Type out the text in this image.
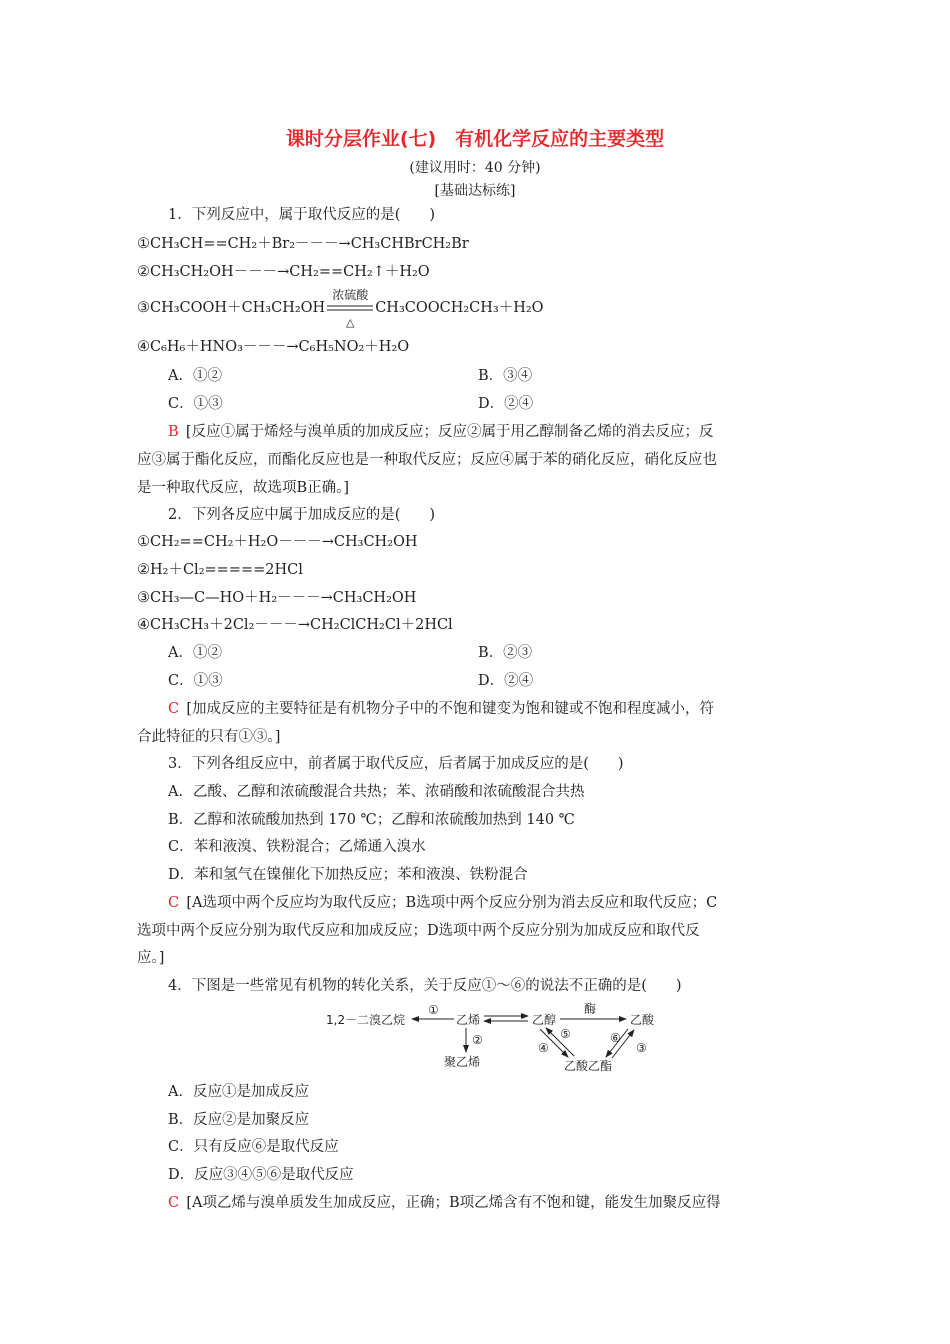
课时分层作业(七)　有机化学反应的主要类型
(建议用时：40 分钟)
[基础达标练]
1．下列反应中，属于取代反应的是(　　)
①CH₃CH==CH₂＋Br₂－－－→CH₃CHBrCH₂Br
②CH₃CH₂OH－－－→CH₂==CH₂↑＋H₂O
③CH₃COOH＋CH₃CH₂OH
浓硫酸
△
CH₃COOCH₂CH₃＋H₂O
④C₆H₆＋HNO₃－－－→C₆H₅NO₂＋H₂O
A．①②	B．③④
C．①③	D．②④
B  [反应①属于烯烃与溴单质的加成反应；反应②属于用乙醇制备乙烯的消去反应；反
应③属于酯化反应，而酯化反应也是一种取代反应；反应④属于苯的硝化反应，硝化反应也
是一种取代反应，故选项B正确。]
2．下列各反应中属于加成反应的是(　　)
①CH₂==CH₂＋H₂O－－－→CH₃CH₂OH
②H₂＋Cl₂=====2HCl
③CH₃—C—HO＋H₂－－－→CH₃CH₂OH
④CH₃CH₃＋2Cl₂－－－→CH₂ClCH₂Cl＋2HCl
A．①②	B．②③
C．①③	D．②④
C  [加成反应的主要特征是有机物分子中的不饱和键变为饱和键或不饱和程度减小，符
合此特征的只有①③。]
3．下列各组反应中，前者属于取代反应，后者属于加成反应的是(　　)
A．乙酸、乙醇和浓硫酸混合共热；苯、浓硝酸和浓硫酸混合共热
B．乙醇和浓硫酸加热到 170 ℃；乙醇和浓硫酸加热到 140 ℃
C．苯和液溴、铁粉混合；乙烯通入溴水
D．苯和氢气在镍催化下加热反应；苯和液溴、铁粉混合
C  [A选项中两个反应均为取代反应；B选项中两个反应分别为消去反应和取代反应；C
选项中两个反应分别为取代反应和加成反应；D选项中两个反应分别为加成反应和取代反
应。]
4．下图是一些常见有机物的转化关系，关于反应①～⑥的说法不正确的是(　　)
1,2－二溴乙烷	乙烯	乙醇	乙酸
聚乙烯	乙酸乙酯
①	酶
②
④
⑤	⑥
③
A．反应①是加成反应
B．反应②是加聚反应
C．只有反应⑥是取代反应
D．反应③④⑤⑥是取代反应
C  [A项乙烯与溴单质发生加成反应，正确；B项乙烯含有不饱和键，能发生加聚反应得
